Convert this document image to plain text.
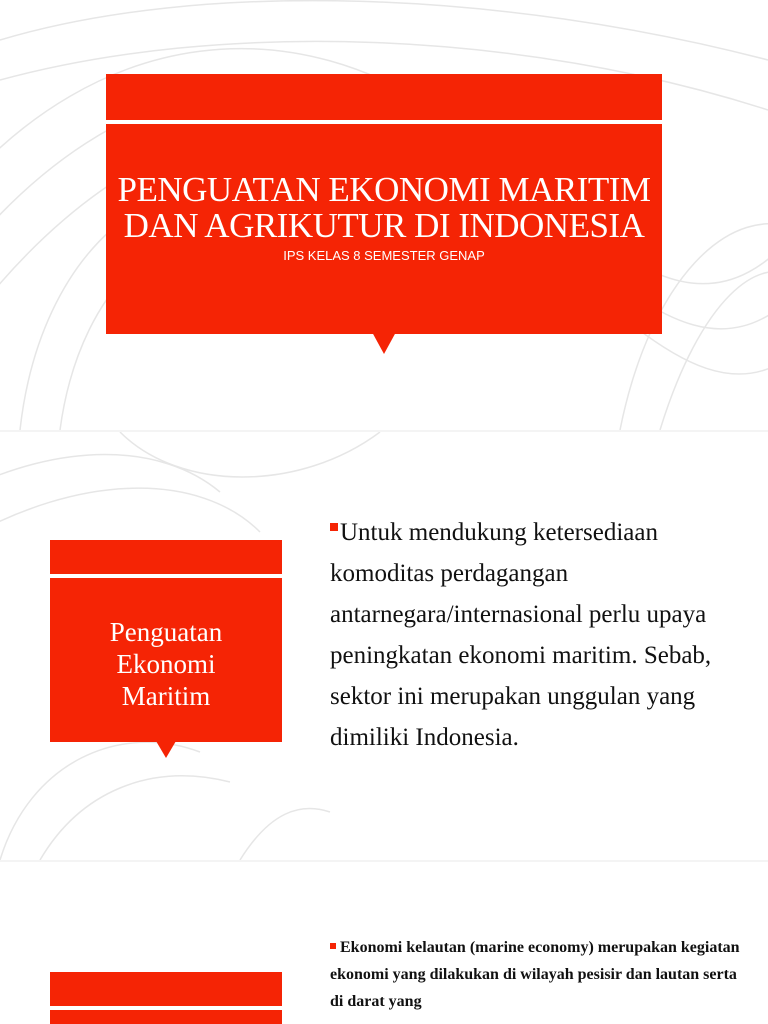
PENGUATAN EKONOMI MARITIM
DAN AGRIKUTUR DI INDONESIA
IPS KELAS 8 SEMESTER GENAP
Penguatan
Ekonomi
Maritim
Untuk mendukung ketersediaan komoditas perdagangan antarnegara/internasional perlu upaya peningkatan ekonomi maritim. Sebab, sektor ini merupakan unggulan yang dimiliki Indonesia.
Ekonomi kelautan (marine economy) merupakan kegiatan ekonomi yang dilakukan di wilayah pesisir dan lautan serta di darat yang
